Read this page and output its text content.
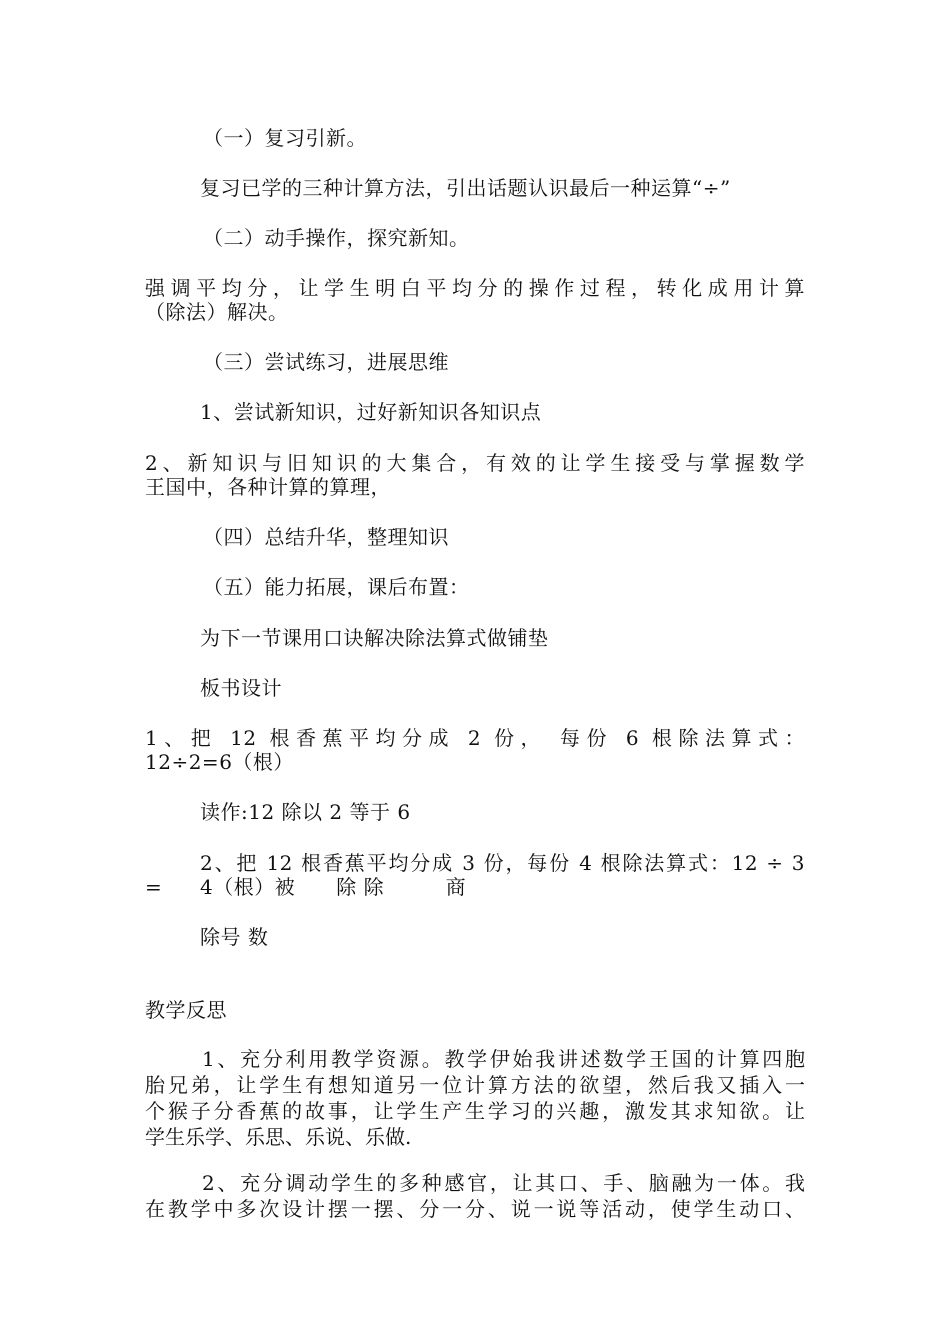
（一）复习引新。
复习已学的三种计算方法，引出话题认识最后一种运算“÷”
（二）动手操作，探究新知。
强调平均分，让学生明白平均分的操作过程，转化成用计算
（除法）解决。
（三）尝试练习，进展思维
1、尝试新知识，过好新知识各知识点
2、新知识与旧知识的大集合，有效的让学生接受与掌握数学
王国中，各种计算的算理，
（四）总结升华，整理知识
（五）能力拓展，课后布置：
为下一节课用口诀解决除法算式做铺垫
板书设计
1、把 12 根香蕉平均分成 2 份， 每份 6 根除法算式：
12÷2=6（根）
读作:12 除以 2 等于 6
2、把 12 根香蕉平均分成 3 份，每份 4 根除法算式：12 ÷ 3
= 4（根）被　　除 除　　　商
除号 数
教学反思
1、充分利用教学资源。教学伊始我讲述数学王国的计算四胞
胎兄弟，让学生有想知道另一位计算方法的欲望，然后我又插入一
个猴子分香蕉的故事，让学生产生学习的兴趣，激发其求知欲。让
学生乐学、乐思、乐说、乐做.
2、充分调动学生的多种感官，让其口、手、脑融为一体。我
在教学中多次设计摆一摆、分一分、说一说等活动，使学生动口、
